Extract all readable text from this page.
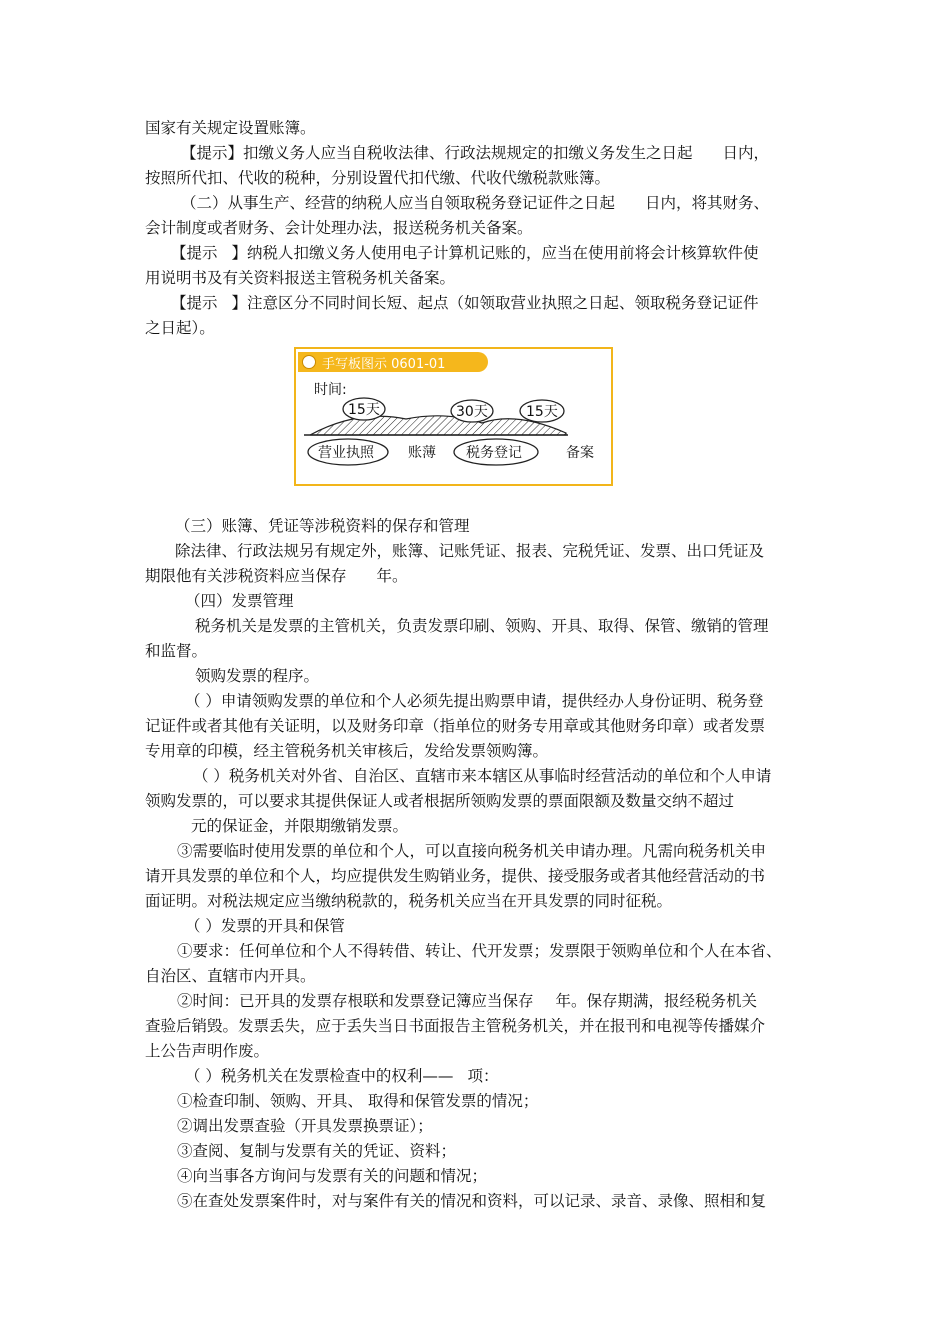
国家有关规定设置账簿。
【提示】扣缴义务人应当自税收法律、行政法规规定的扣缴义务发生之日起 日内，
按照所代扣、代收的税种，分别设置代扣代缴、代收代缴税款账簿。
（二）从事生产、经营的纳税人应当自领取税务登记证件之日起 日内，将其财务、
会计制度或者财务、会计处理办法，报送税务机关备案。
【提示 】纳税人扣缴义务人使用电子计算机记账的，应当在使用前将会计核算软件使
用说明书及有关资料报送主管税务机关备案。
【提示 】注意区分不同时间长短、起点（如领取营业执照之日起、领取税务登记证件
之日起）。
手写板图示 0601-01
时间:
15天	30天	15天
营业执照 账薄 税务登记	备案
（三）账簿、凭证等涉税资料的保存和管理
除法律、行政法规另有规定外，账簿、记账凭证、报表、完税凭证、发票、出口凭证及
期限他有关涉税资料应当保存 年。
（四）发票管理
税务机关是发票的主管机关，负责发票印刷、领购、开具、取得、保管、缴销的管理
和监督。
领购发票的程序。
（ ）申请领购发票的单位和个人必须先提出购票申请，提供经办人身份证明、税务登
记证件或者其他有关证明，以及财务印章（指单位的财务专用章或其他财务印章）或者发票
专用章的印模，经主管税务机关审核后，发给发票领购簿。
（ ）税务机关对外省、自治区、直辖市来本辖区从事临时经营活动的单位和个人申请
领购发票的，可以要求其提供保证人或者根据所领购发票的票面限额及数量交纳不超过
元的保证金，并限期缴销发票。
③需要临时使用发票的单位和个人，可以直接向税务机关申请办理。凡需向税务机关申
请开具发票的单位和个人，均应提供发生购销业务，提供、接受服务或者其他经营活动的书
面证明。对税法规定应当缴纳税款的，税务机关应当在开具发票的同时征税。
（ ）发票的开具和保管
①要求：任何单位和个人不得转借、转让、代开发票；发票限于领购单位和个人在本省、
自治区、直辖市内开具。
②时间：已开具的发票存根联和发票登记簿应当保存 年。保存期满，报经税务机关
查验后销毁。发票丢失，应于丢失当日书面报告主管税务机关，并在报刊和电视等传播媒介
上公告声明作废。
（ ）税务机关在发票检查中的权利—— 项：
①检查印制、领购、开具、 取得和保管发票的情况；
②调出发票查验（开具发票换票证）；
③查阅、复制与发票有关的凭证、资料；
④向当事各方询问与发票有关的问题和情况；
⑤在查处发票案件时，对与案件有关的情况和资料，可以记录、录音、录像、照相和复
